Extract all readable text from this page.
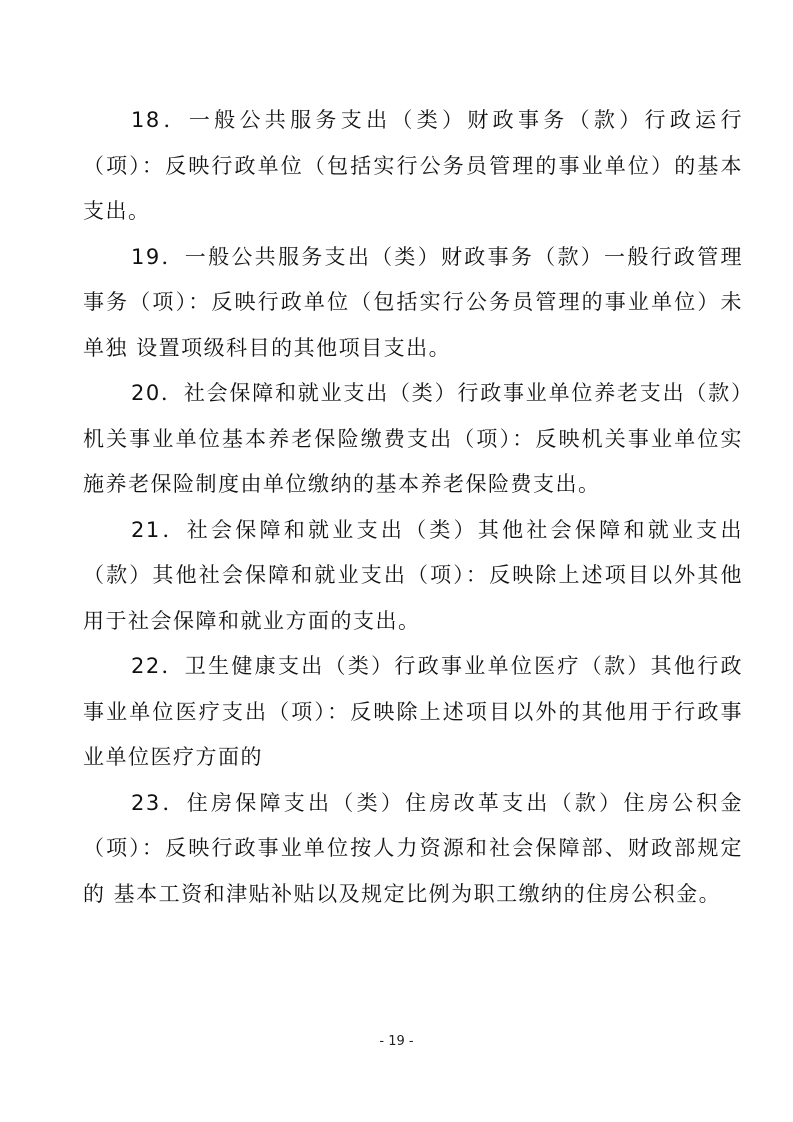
18．一般公共服务支出（类）财政事务（款）行政运行（项）：反映行政单位（包括实行公务员管理的事业单位）的基本 支出。

19．一般公共服务支出（类）财政事务（款）一般行政管理事务（项）：反映行政单位（包括实行公务员管理的事业单位）未单独 设置项级科目的其他项目支出。

20．社会保障和就业支出（类）行政事业单位养老支出（款）机关事业单位基本养老保险缴费支出（项）：反映机关事业单位实施养老保险制度由单位缴纳的基本养老保险费支出。

21．社会保障和就业支出（类）其他社会保障和就业支出（款）其他社会保障和就业支出（项）：反映除上述项目以外其他用于社会保障和就业方面的支出。

22．卫生健康支出（类）行政事业单位医疗（款）其他行政事业单位医疗支出（项）：反映除上述项目以外的其他用于行政事业单位医疗方面的

23．住房保障支出（类）住房改革支出（款）住房公积金（项）：反映行政事业单位按人力资源和社会保障部、财政部规定的 基本工资和津贴补贴以及规定比例为职工缴纳的住房公积金。

- 19 -
